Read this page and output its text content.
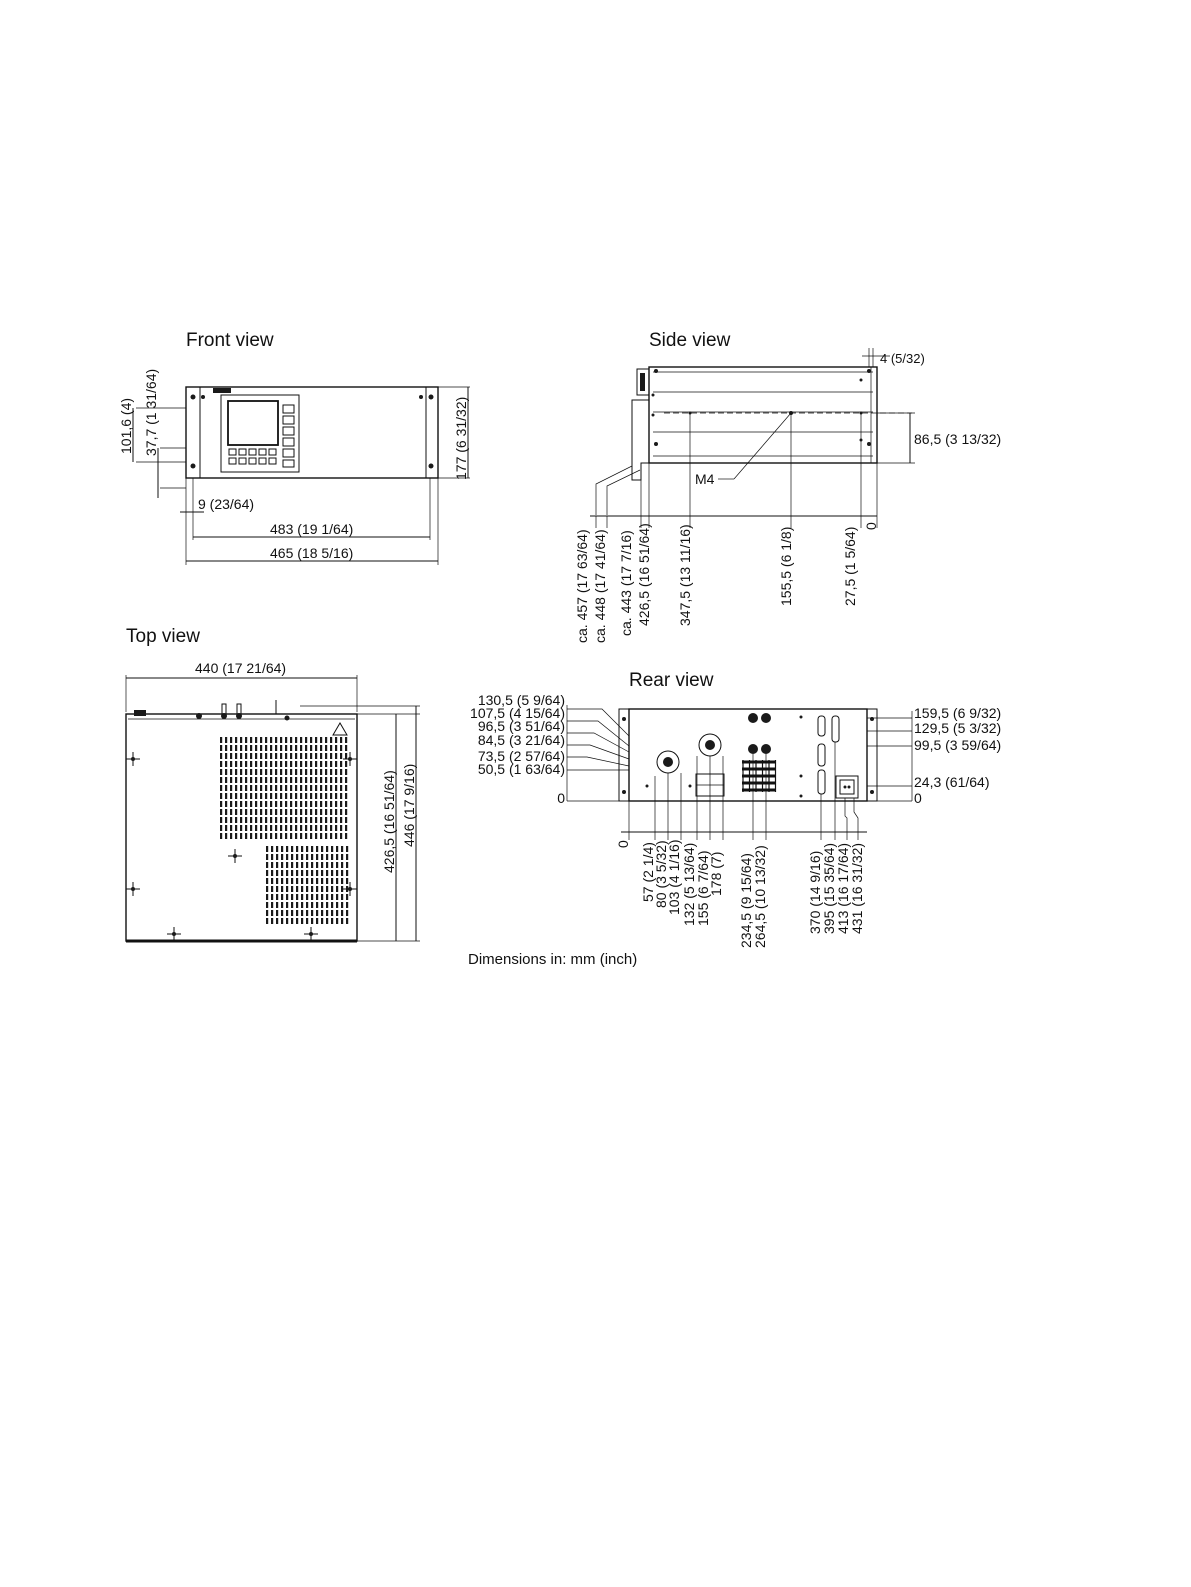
Front view
101,6 (4) 37,7 (1 31/64)	177 (6 31/32)
9 (23/64)
483 (19 1/64)
465 (18 5/16)
Side view
M4
4 (5/32)
86,5 (3 13/32)
ca. 457 (17 63/64) ca. 448 (17 41/64) ca. 443 (17 7/16) 426,5 (16 51/64) 347,5 (13 11/16)	155,5 (6 1/8)	27,5 (1 5/64)
0
Top view
440 (17 21/64)
426,5 (16 51/64) 446 (17 9/16)
Rear view
130,5 (5 9/64)
107,5 (4 15/64)
96,5 (3 51/64)
84,5 (3 21/64)
73,5 (2 57/64)
50,5 (1 63/64)
0
159,5 (6 9/32)
129,5 (5 3/32)
99,5 (3 59/64)
24,3 (61/64)
0
0 57 (2 1/4)
80 (3 5/32)
103 (4 1/16) 132 (5 13/64)
155 (6 7/64)
178 (7) 234,5 (9 15/64)
264,5 (10 13/32)	370 (14 9/16)
395 (15 35/64)
413 (16 17/64)
431 (16 31/32)
Dimensions in: mm (inch)
